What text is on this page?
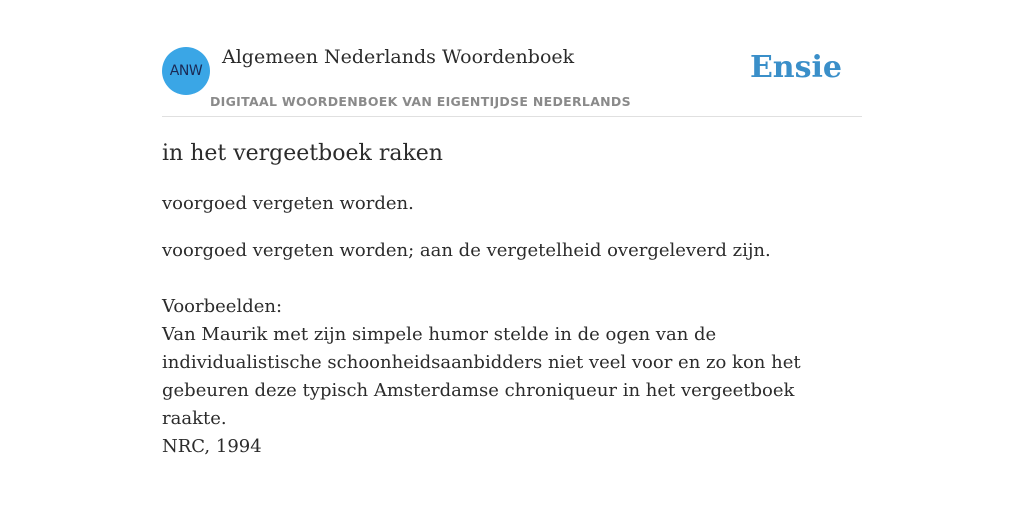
ANW
Algemeen Nederlands Woordenboek
DIGITAAL WOORDENBOEK VAN EIGENTIJDSE NEDERLANDS
Ensie
in het vergeetboek raken

voorgoed vergeten worden.

voorgoed vergeten worden; aan de vergetelheid overgeleverd zijn.

Voorbeelden:

Van Maurik met zijn simpele humor stelde in de ogen van de individualistische schoonheidsaanbidders niet veel voor en zo kon het gebeuren deze typisch Amsterdamse chroniqueur in het vergeetboek raakte.

NRC, 1994
